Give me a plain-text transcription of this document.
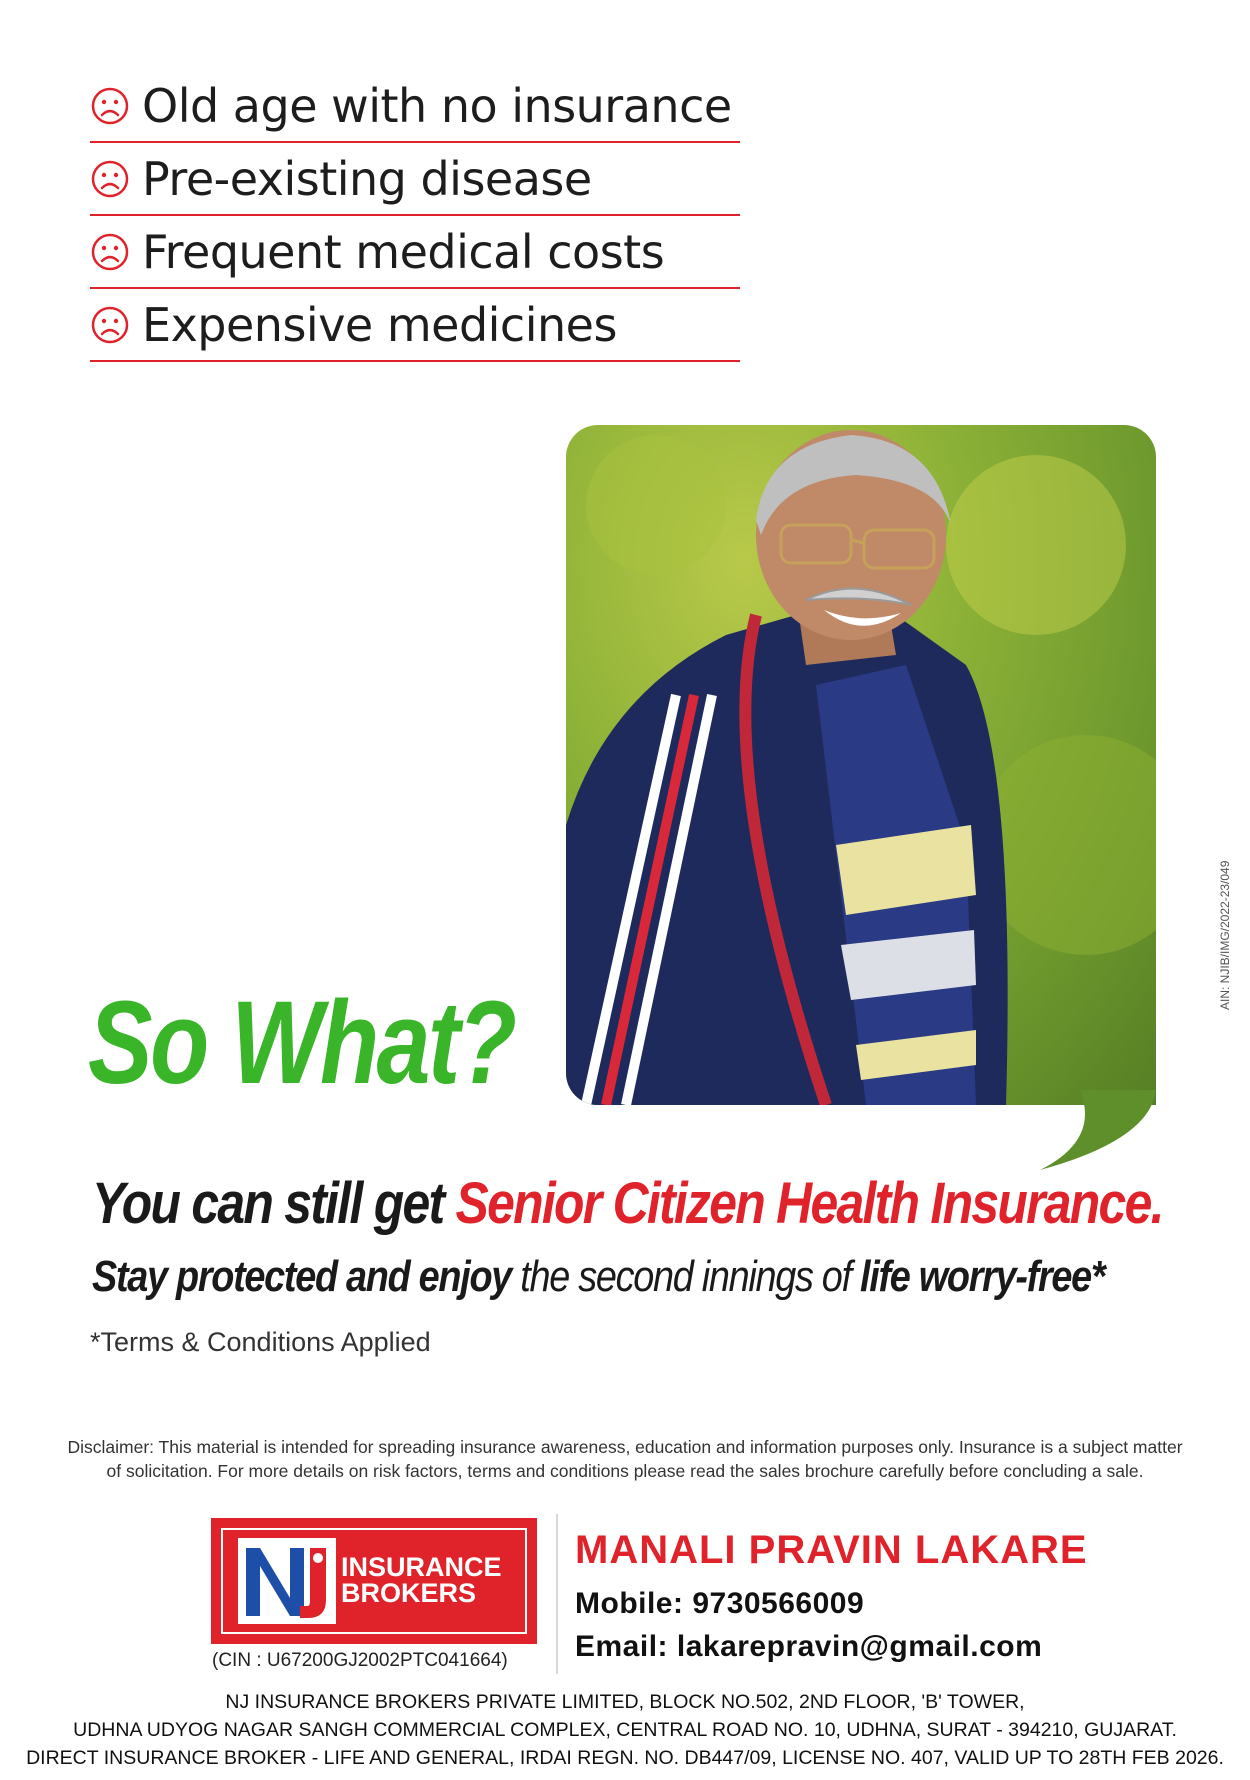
Old age with no insurance
Pre-existing disease
Frequent medical costs
Expensive medicines
So What?
You can still get Senior Citizen Health Insurance.
Stay protected and enjoy the second innings of life worry-free*
*Terms & Conditions Applied
AIN: NJIB/IMG/2022-23/049
Disclaimer: This material is intended for spreading insurance awareness, education and information purposes only. Insurance is a subject matter
of solicitation. For more details on risk factors, terms and conditions please read the sales brochure carefully before concluding a sale.
INSURANCE
BROKERS
(CIN : U67200GJ2002PTC041664)
MANALI PRAVIN LAKARE
Mobile: 9730566009
Email: lakarepravin@gmail.com
NJ INSURANCE BROKERS PRIVATE LIMITED, BLOCK NO.502, 2ND FLOOR, 'B' TOWER,
UDHNA UDYOG NAGAR SANGH COMMERCIAL COMPLEX, CENTRAL ROAD NO. 10, UDHNA, SURAT - 394210, GUJARAT.
DIRECT INSURANCE BROKER - LIFE AND GENERAL, IRDAI REGN. NO. DB447/09, LICENSE NO. 407, VALID UP TO 28TH FEB 2026.
